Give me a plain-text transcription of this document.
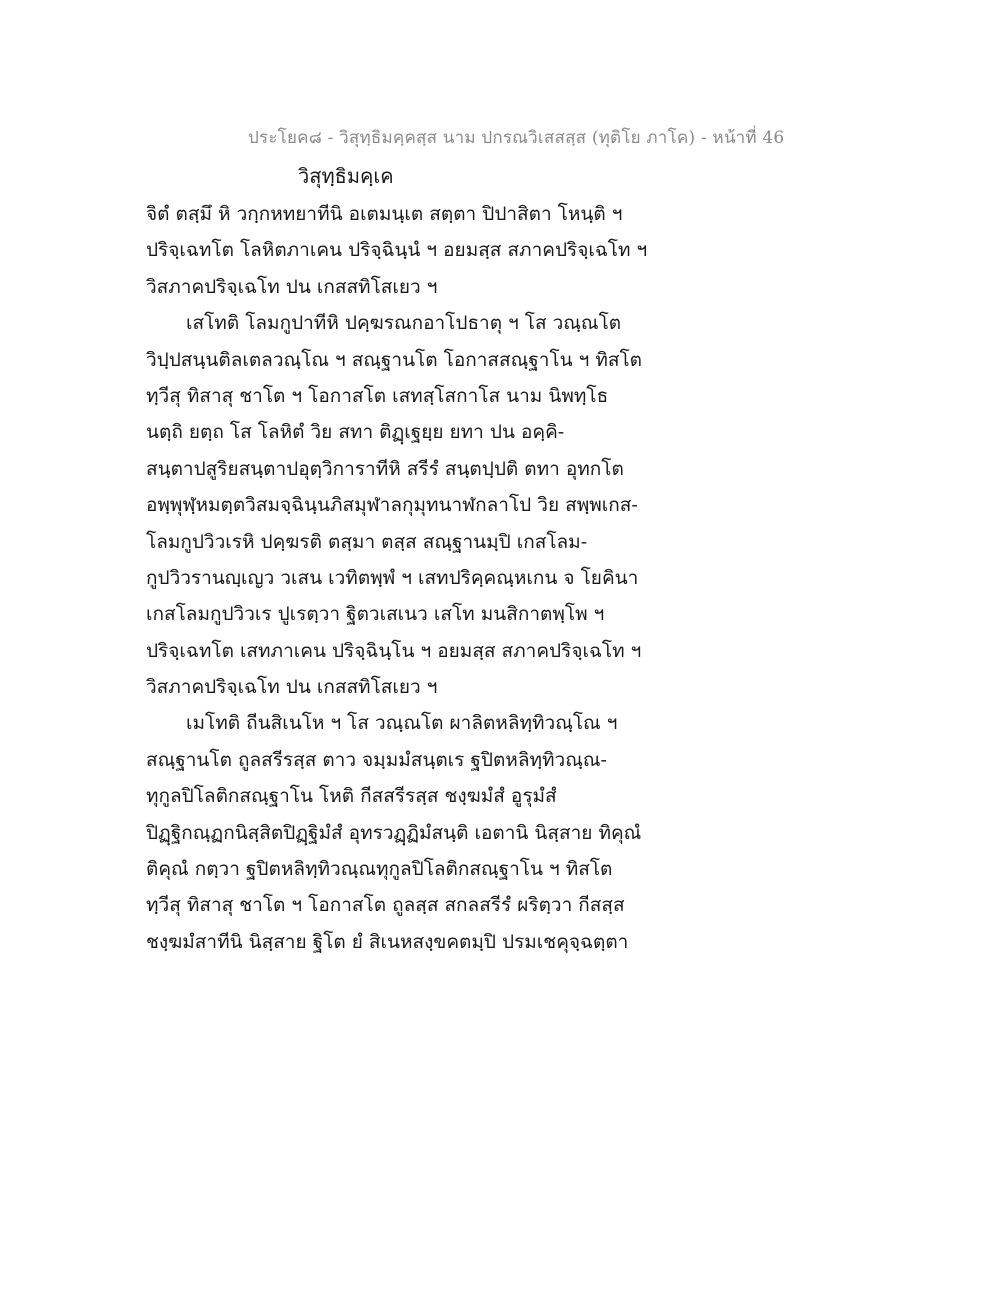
ประโยค๘ - วิสุทฺธิมคฺคสฺส นาม ปกรณวิเสสสฺส (ทุติโย ภาโค) - หน้าที่ 46
วิสุทฺธิมคฺเค
จิตํ ตสฺมึ หิ วกฺกหทยาทีนิ อเตมนฺเต สตฺตา ปิปาสิตา โหนฺติ ฯ
ปริจฺเฉทโต โลหิตภาเคน ปริจฺฉินฺนํ ฯ อยมสฺส สภาคปริจฺเฉโท ฯ
วิสภาคปริจฺเฉโท ปน เกสสทิโสเยว ฯ
เสโทติ โลมกูปาทีหิ ปคฺฆรณกอาโปธาตุ ฯ โส วณฺณโต
วิปฺปสนฺนติลเตลวณฺโณ ฯ สณฺฐานโต โอกาสสณฺฐาโน ฯ ทิสโต
ทฺวีสุ ทิสาสุ ชาโต ฯ โอกาสโต เสทสฺโสกาโส นาม นิพทฺโธ
นตฺถิ ยตฺถ โส โลหิตํ วิย สทา ติฏฺเฐยฺย ยทา ปน อคฺคิ-
สนฺตาปสูริยสนฺตาปอุตฺวิการาทีหิ สรีรํ สนฺตปฺปติ ตทา อุทกโต
อพฺพุฬฺหมตฺตวิสมจฺฉินฺนภิสมุฬาลกุมุทนาฬกลาโป วิย สพฺพเกส-
โลมกูปวิวเรหิ ปคฺฆรติ ตสฺมา ตสฺส สณฺฐานมฺปิ เกสโลม-
กูปวิวรานญฺเญว วเสน เวทิตพฺพํ ฯ เสทปริคฺคณฺหเกน จ โยคินา
เกสโลมกูปวิวเร ปูเรตฺวา ฐิตวเสเนว เสโท มนสิกาตพฺโพ ฯ
ปริจฺเฉทโต เสทภาเคน ปริจฺฉินฺโน ฯ อยมสฺส สภาคปริจฺเฉโท ฯ
วิสภาคปริจฺเฉโท ปน เกสสทิโสเยว ฯ
เมโทติ ถีนสิเนโห ฯ โส วณฺณโต ผาลิตหลิทฺทิวณฺโณ ฯ
สณฺฐานโต ถูลสรีรสฺส ตาว จมฺมมํสนฺตเร ฐปิตหลิทฺทิวณฺณ-
ทุกูลปิโลติกสณฺฐาโน โหติ กีสสรีรสฺส ชงฺฆมํสํ อูรุมํสํ
ปิฏฺฐิกณฺฏกนิสฺสิตปิฏฺฐิมํสํ อุทรวฏฺฏิมํสนฺติ เอตานิ นิสฺสาย ทิคุณํ
ติคุณํ กตฺวา ฐปิตหลิทฺทิวณฺณทุกูลปิโลติกสณฺฐาโน ฯ ทิสโต
ทฺวีสุ ทิสาสุ ชาโต ฯ โอกาสโต ถูลสฺส สกลสรีรํ ผริตฺวา กีสสฺส
ชงฺฆมํสาทีนิ นิสฺสาย ฐิโต ยํ สิเนหสงฺขคตมฺปิ ปรมเชคุจฺฉตฺตา
